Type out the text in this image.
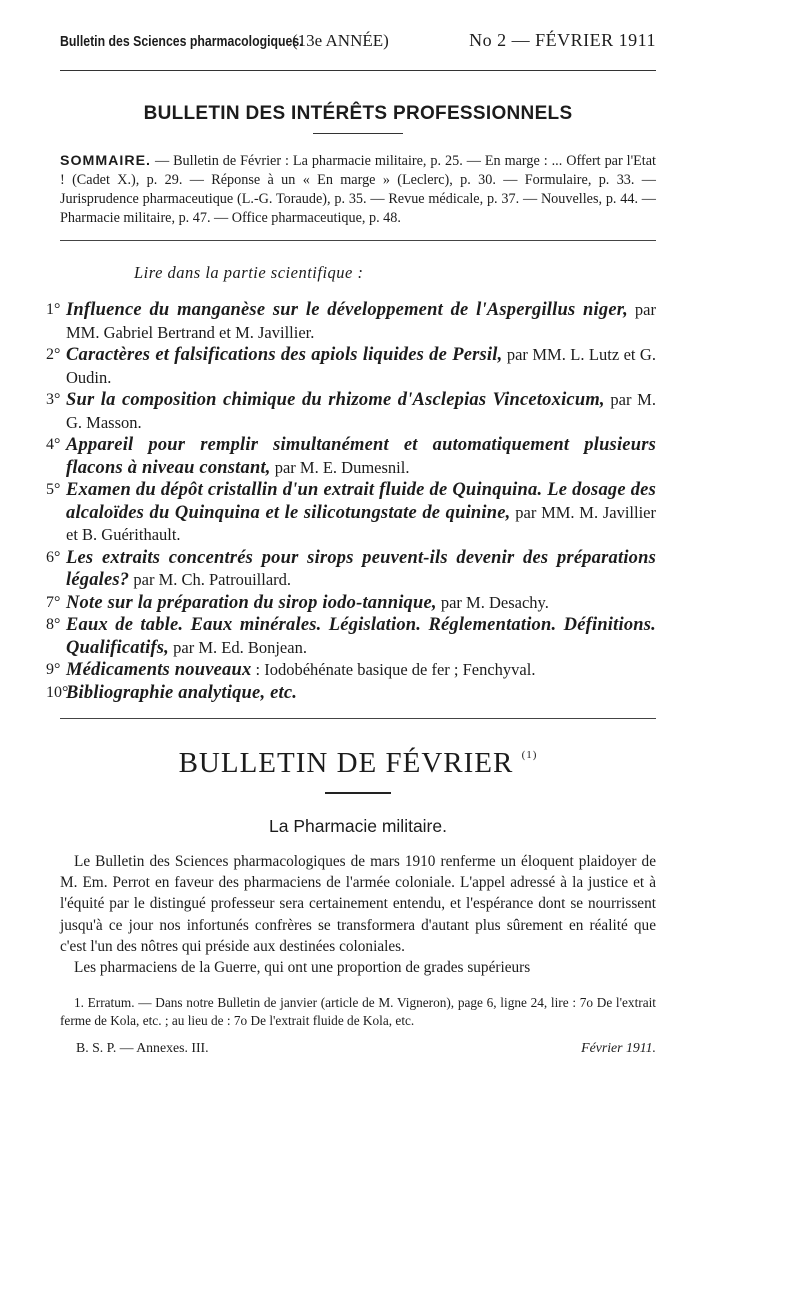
Bulletin des Sciences pharmacologiques.
(13e ANNÉE)	No 2 — FÉVRIER 1911
BULLETIN DES INTÉRÊTS PROFESSIONNELS
SOMMAIRE. — Bulletin de Février : La pharmacie militaire, p. 25. — En marge : ... Offert par l'Etat ! (Cadet X.), p. 29. — Réponse à un « En marge » (Leclerc), p. 30. — Formulaire, p. 33. — Jurisprudence pharmaceutique (L.-G. Toraude), p. 35. — Revue médicale, p. 37. — Nouvelles, p. 44. — Pharmacie militaire, p. 47. — Office pharmaceutique, p. 48.
Lire dans la partie scientifique :
1° Influence du manganèse sur le développement de l'Aspergillus niger, par MM. Gabriel Bertrand et M. Javillier.
2° Caractères et falsifications des apiols liquides de Persil, par MM. L. Lutz et G. Oudin.
3° Sur la composition chimique du rhizome d'Asclepias Vincetoxicum, par M. G. Masson.
4° Appareil pour remplir simultanément et automatiquement plusieurs flacons à niveau constant, par M. E. Dumesnil.
5° Examen du dépôt cristallin d'un extrait fluide de Quinquina. Le dosage des alcaloïdes du Quinquina et le silicotungstate de quinine, par MM. M. Javillier et B. Guérithault.
6° Les extraits concentrés pour sirops peuvent-ils devenir des préparations légales? par M. Ch. Patrouillard.
7° Note sur la préparation du sirop iodo-tannique, par M. Desachy.
8° Eaux de table. Eaux minérales. Législation. Réglementation. Définitions. Qualificatifs, par M. Ed. Bonjean.
9° Médicaments nouveaux : Iodobéhénate basique de fer ; Fenchyval.
10°
Bibliographie analytique, etc.
BULLETIN DE FÉVRIER $^{(1)}$
La Pharmacie militaire.

Le Bulletin des Sciences pharmacologiques de mars 1910 renferme un éloquent plaidoyer de M. Em. Perrot en faveur des pharmaciens de l'armée coloniale. L'appel adressé à la justice et à l'équité par le distingué professeur sera certainement entendu, et l'espérance dont se nourrissent jusqu'à ce jour nos infortunés confrères se transformera d'autant plus sûrement en réalité que c'est l'un des nôtres qui préside aux destinées coloniales.

Les pharmaciens de la Guerre, qui ont une proportion de grades supérieurs

1. Erratum. — Dans notre Bulletin de janvier (article de M. Vigneron), page 6, ligne 24, lire : 7o De l'extrait ferme de Kola, etc. ; au lieu de : 7o De l'extrait fluide de Kola, etc.

B. S. P. — Annexes. III.	Février 1911.
